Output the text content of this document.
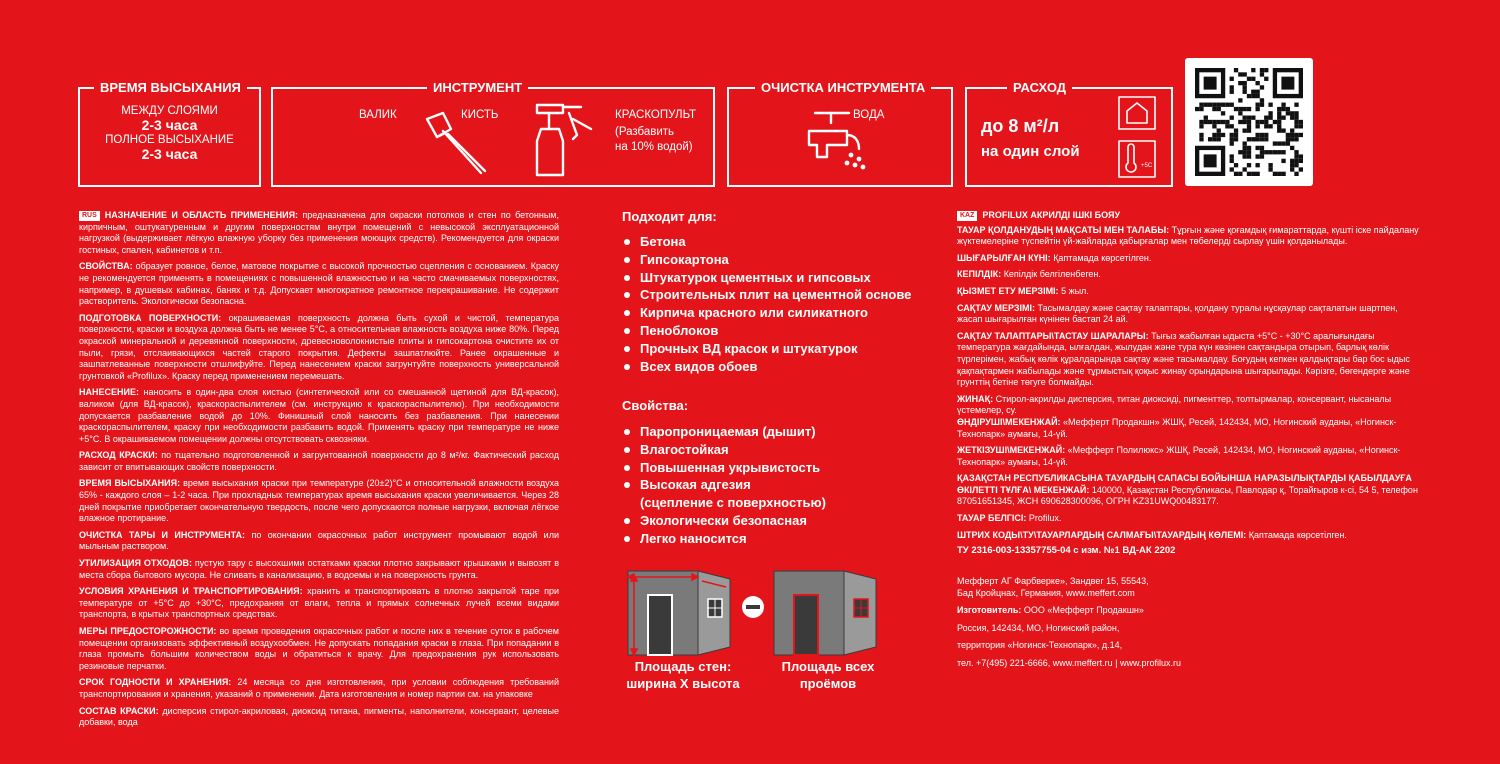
ВРЕМЯ ВЫСЫХАНИЯ
МЕЖДУ СЛОЯМИ
2-3 часа
ПОЛНОЕ ВЫСЫХАНИЕ
2-3 часа
ИНСТРУМЕНТ
ВАЛИК	КИСТЬ	КРАСКОПУЛЬТ
(Разбавить
на 10% водой)
ОЧИСТКА ИНСТРУМЕНТА
ВОДА
РАСХОД
до 8 м²/л
на один слой
+5С

RUS НАЗНАЧЕНИЕ И ОБЛАСТЬ ПРИМЕНЕНИЯ: предназначена для окраски потолков и стен по бетонным, кирпичным, оштукатуренным и другим поверхностям внутри помещений с невысокой эксплуатационной нагрузкой (выдерживает лёгкую влажную уборку без применения моющих средств). Рекомендуется для окраски гостиных, спален, кабинетов и т.п.

СВОЙСТВА: образует ровное, белое, матовое покрытие с высокой прочностью сцепления с основанием. Краску не рекомендуется применять в помещениях с повышенной влажностью и на часто смачиваемых поверхностях, например, в душевых кабинах, банях и т.д. Допускает многократное ремонтное перекрашивание. Не содержит растворитель. Экологически безопасна.

ПОДГОТОВКА ПОВЕРХНОСТИ: окрашиваемая поверхность должна быть сухой и чистой, температура поверхности, краски и воздуха должна быть не менее 5°С, а относительная влажность воздуха ниже 80%. Перед окраской минеральной и деревянной поверхности, древесноволокнистые плиты и гипсокартона очистите их от пыли, грязи, отслаивающихся частей старого покрытия. Дефекты зашпатлюйте. Ранее окрашенные и зашпатлеванные поверхности отшлифуйте. Перед нанесением краски загрунтуйте поверхность универсальной грунтовкой «Profilux». Краску перед применением перемешать.

НАНЕСЕНИЕ: наносить в один-два слоя кистью (синтетической или со смешанной щетиной для ВД-красок), валиком (для ВД-красок), краскораспылителем (см. инструкцию к краскораспылителю). При необходимости допускается разбавление водой до 10%. Финишный слой наносить без разбавления. При нанесении краскораспылителем, краску при необходимости разбавить водой. Применять краску при температуре не ниже +5°С. В окрашиваемом помещении должны отсутствовать сквозняки.

РАСХОД КРАСКИ: по тщательно подготовленной и загрунтованной поверхности до 8 м²/кг. Фактический расход зависит от впитывающих свойств поверхности.

ВРЕМЯ ВЫСЫХАНИЯ: время высыхания краски при температуре (20±2)°С и относительной влажности воздуха 65% - каждого слоя – 1-2 часа. При прохладных температурах время высыхания краски увеличивается. Через 28 дней покрытие приобретает окончательную твердость, после чего допускаются полные нагрузки, включая лёгкое влажное протирание.

ОЧИСТКА ТАРЫ И ИНСТРУМЕНТА: по окончании окрасочных работ инструмент промывают водой или мыльным раствором.

УТИЛИЗАЦИЯ ОТХОДОВ: пустую тару с высохшими остатками краски плотно закрывают крышками и вывозят в места сбора бытового мусора. Не сливать в канализацию, в водоемы и на поверхность грунта.

УСЛОВИЯ ХРАНЕНИЯ И ТРАНСПОРТИРОВАНИЯ: хранить и транспортировать в плотно закрытой таре при температуре от +5°С до +30°С, предохраняя от влаги, тепла и прямых солнечных лучей всеми видами транспорта, в крытых транспортных средствах.

МЕРЫ ПРЕДОСТОРОЖНОСТИ: во время проведения окрасочных работ и после них в течение суток в рабочем помещении организовать эффективный воздухообмен. Не допускать попадания краски в глаза. При попадании в глаза промыть большим количеством воды и обратиться к врачу. Для предохранения рук использовать резиновые перчатки.

СРОК ГОДНОСТИ И ХРАНЕНИЯ: 24 месяца со дня изготовления, при условии соблюдения требований транспортирования и хранения, указаний о применении. Дата изготовления и номер партии см. на упаковке

СОСТАВ КРАСКИ: дисперсия стирол-акриловая, диоксид титана, пигменты, наполнители, консервант, целевые добавки, вода

Подходит для:
Бетона
Гипсокартона
Штукатурок цементных и гипсовых
Строительных плит на цементной основе
Кирпича красного или силикатного
Пеноблоков
Прочных ВД красок и штукатурок
Всех видов обоев
Свойства:
Паропроницаемая (дышит)
Влагостойкая
Повышенная укрывистость
Высокая адгезия
(сцепление с поверхностью)
Экологически безопасная
Легко наносится
Площадь стен:
ширина Х высота
Площадь всех
проёмов

KAZ PROFILUX АКРИЛДІ ІШКІ БОЯУ

ТАУАР ҚОЛДАНУДЫҢ МАҚСАТЫ МЕН ТАЛАБЫ: Тұрғын және қоғамдық ғимараттарда, күшті іске пайдалану жүктемелеріне түспейтін үй-жайларда қабырғалар мен төбелерді сырлау үшін қолданылады.

ШЫҒАРЫЛҒАН КҮНІ: Қаптамада көрсетілген.

КЕПІЛДІК: Кепілдік белгіленбеген.

ҚЫЗМЕТ ЕТУ МЕРЗІМІ: 5 жыл.

САҚТАУ МЕРЗІМІ: Тасымалдау және сақтау талаптары, қолдану туралы нұсқаулар сақталатын шартпен, жасап шығарылған күнінен бастап 24 ай.

САҚТАУ ТАЛАПТАРЫ\ТАСТАУ ШАРАЛАРЫ: Тығыз жабылған ыдыста +5°С - +30°С аралығындағы температура жағдайында, ылғалдан, жылудан және тура күн көзінен сақтандыра отырып, барлық көлік түрлерімен, жабық көлік құралдарында сақтау және тасымалдау. Боғудың кепкен қалдықтары бар бос ыдыс қақпақтармен жабылады және тұрмыстық қоқыс жинау орындарына шығарылады. Кәрізге, бөгендерге және грунттің бетіне төгуге болмайды.

ЖИНАҚ: Стирол-акрилды дисперсия, титан диоксиді, пигменттер, толтырмалар, консервант, нысаналы үстемелер, су.

ӨНДІРУШІ\МЕКЕНЖАЙ: «Мефферт Продакшн» ЖШҚ, Ресей, 142434, МО, Ногинский ауданы, «Ногинск-Технопарк» аумағы, 14-үй.

ЖЕТКІЗУШІ\МЕКЕНЖАЙ: «Мефферт Полилюкс» ЖШҚ, Ресей, 142434, МО, Ногинский ауданы, «Ногинск-Технопарк» аумағы, 14-үй.

ҚАЗАҚСТАН РЕСПУБЛИКАСЫНА ТАУАРДЫҢ САПАСЫ БОЙЫНША НАРАЗЫЛЫҚТАРДЫ ҚАБЫЛДАУҒА ӨКІЛЕТТІ ТҰЛҒА\ МЕКЕНЖАЙ: 140000, Қазақстан Республикасы, Павлодар қ, Торайғыров к-сі, 54 5, телефон 87051651345, ЖСН 690628300096, ОГРН KZ31UWQ00483177.

ТАУАР БЕЛГІСІ: Profilux.

ШТРИХ КОДЫ\ТУ\ТАУАРЛАРДЫҢ САЛМАҒЫ\ТАУАРДЫҢ КӨЛЕМІ: Қаптамада көрсетілген.

ТУ 2316-003-13357755-04 с изм. №1 ВД-АК 2202
Мефферт АГ Фарбверке», Зандвег 15, 55543,
Бад Кройцнах, Германия, www.meffert.com
Изготовитель: ООО «Мефферт Продакшн»
Россия, 142434, МО, Ногинский район,
территория «Ногинск-Технопарк», д.14,
тел. +7(495) 221-6666, www.meffert.ru | www.profilux.ru
